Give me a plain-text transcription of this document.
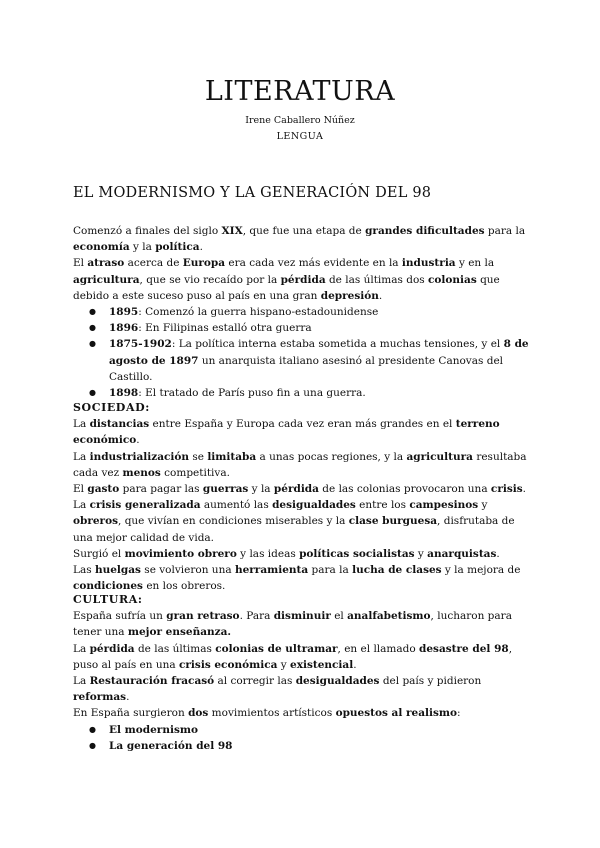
LITERATURA
Irene Caballero Núñez
LENGUA
EL MODERNISMO Y LA GENERACIÓN DEL 98

Comenzó a finales del siglo XIX, que fue una etapa de grandes dificultades para la economía y la política.

El atraso acerca de Europa era cada vez más evidente en la industria y en la agricultura, que se vio recaído por la pérdida de las últimas dos colonias que debido a este suceso puso al país en una gran depresión.

● 1895: Comenzó la guerra hispano-estadounidense
● 1896: En Filipinas estalló otra guerra
● 1875-1902: La política interna estaba sometida a muchas tensiones, y el 8 de agosto de 1897 un anarquista italiano asesinó al presidente Canovas del Castillo.
● 1898: El tratado de París puso fin a una guerra.

SOCIEDAD:

La distancias entre España y Europa cada vez eran más grandes en el terreno económico.

La industrialización se limitaba a unas pocas regiones, y la agricultura resultaba cada vez menos competitiva.

El gasto para pagar las guerras y la pérdida de las colonias provocaron una crisis.

La crisis generalizada aumentó las desigualdades entre los campesinos y obreros, que vivían en condiciones miserables y la clase burguesa, disfrutaba de una mejor calidad de vida.

Surgió el movimiento obrero y las ideas políticas socialistas y anarquistas.

Las huelgas se volvieron una herramienta para la lucha de clases y la mejora de condiciones en los obreros.

CULTURA:

España sufría un gran retraso. Para disminuir el analfabetismo, lucharon para tener una mejor enseñanza.

La pérdida de las últimas colonias de ultramar, en el llamado desastre del 98, puso al país en una crisis económica y existencial.

La Restauración fracasó al corregir las desigualdades del país y pidieron reformas.

En España surgieron dos movimientos artísticos opuestos al realismo:

● El modernismo
● La generación del 98
